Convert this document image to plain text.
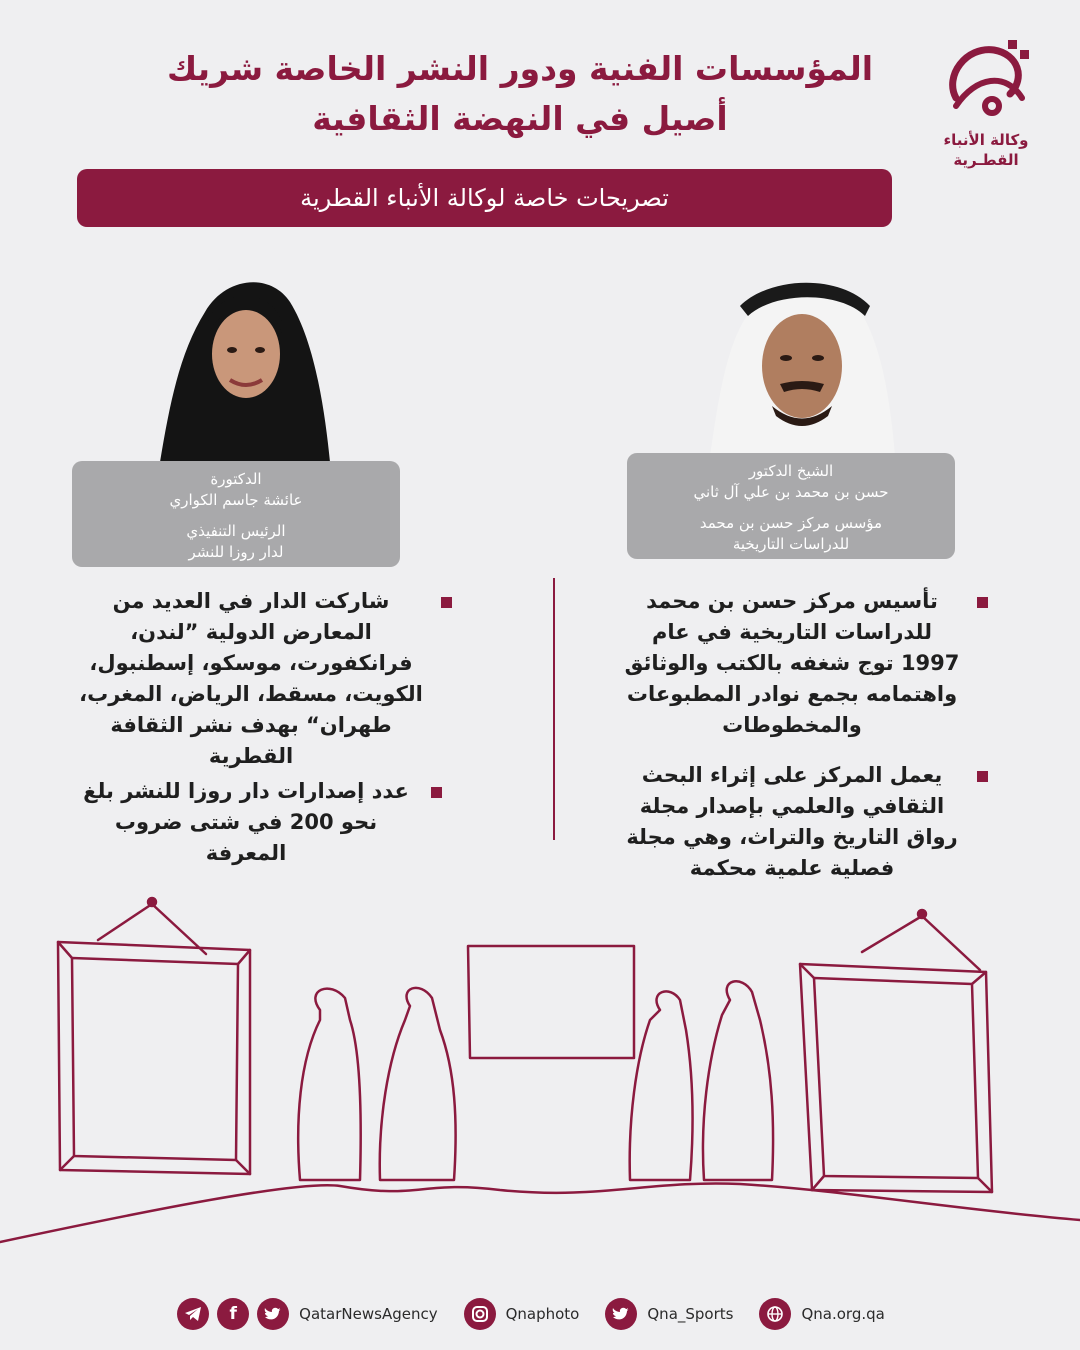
المؤسسات الفنية ودور النشر الخاصة شريك
أصيل في النهضة الثقافية
وكالة الأنباء
القطـرية
تصريحات خاصة لوكالة الأنباء القطرية
الدكتورة
عائشة جاسم الكواري
الرئيس التنفيذي
لدار روزا للنشر
الشيخ الدكتور
حسن بن محمد بن علي آل ثاني
مؤسس مركز حسن بن محمد
للدراسات التاريخية
تأسيس مركز حسن بن محمد للدراسات التاريخية في عام 1997 توج شغفه بالكتب والوثائق واهتمامه بجمع نوادر المطبوعات والمخطوطات
يعمل المركز على إثراء البحث الثقافي والعلمي بإصدار مجلة رواق التاريخ والتراث، وهي مجلة فصلية علمية محكمة
شاركت الدار في العديد من المعارض الدولية ”لندن، فرانكفورت، موسكو، إسطنبول، الكويت، مسقط، الرياض، المغرب، طهران“ بهدف نشر الثقافة القطرية
عدد إصدارات دار روزا للنشر بلغ نحو 200 في شتى ضروب المعرفة
f	QatarNewsAgency	Qnaphoto	Qna_Sports	Qna.org.qa
